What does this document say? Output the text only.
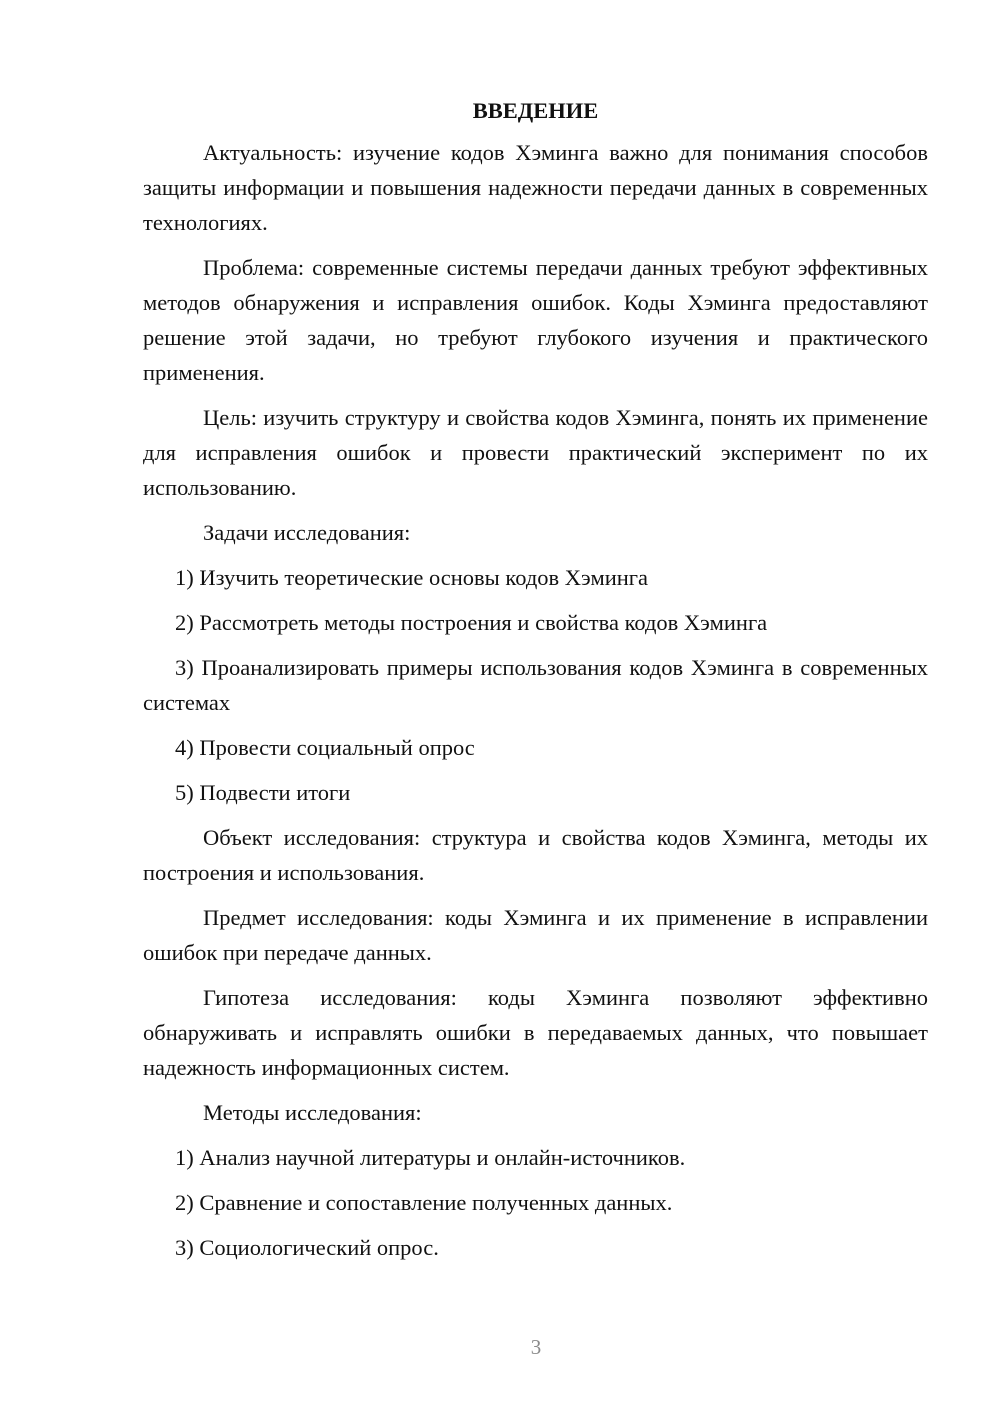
ВВЕДЕНИЕ

Актуальность: изучение кодов Хэминга важно для понимания способов защиты информации и повышения надежности передачи данных в современных технологиях.

Проблема: современные системы передачи данных требуют эффективных методов обнаружения и исправления ошибок. Коды Хэминга предоставляют решение этой задачи, но требуют глубокого изучения и практического применения.

Цель: изучить структуру и свойства кодов Хэминга, понять их применение для исправления ошибок и провести практический эксперимент по их использованию.

Задачи исследования:

1) Изучить теоретические основы кодов Хэминга

2) Рассмотреть методы построения и свойства кодов Хэминга

3) Проанализировать примеры использования кодов Хэминга в современных системах

4) Провести социальный опрос

5) Подвести итоги

Объект исследования: структура и свойства кодов Хэминга, методы их построения и использования.

Предмет исследования: коды Хэминга и их применение в исправлении ошибок при передаче данных.

Гипотеза исследования: коды Хэминга позволяют эффективно обнаруживать и исправлять ошибки в передаваемых данных, что повышает надежность информационных систем.

Методы исследования:

1) Анализ научной литературы и онлайн-источников.

2) Сравнение и сопоставление полученных данных.

3) Социологический опрос.

3
